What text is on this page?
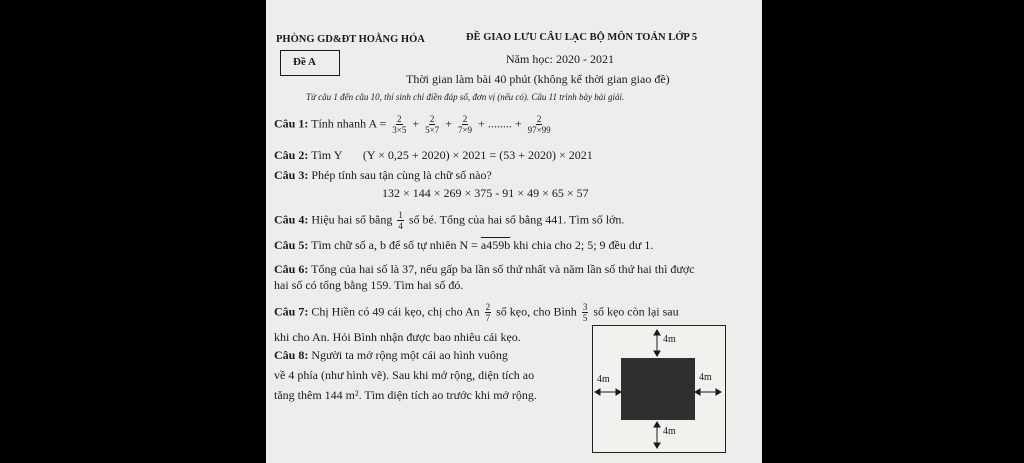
PHÒNG GD&ĐT HOẰNG HÓA	ĐỀ GIAO LƯU CÂU LẠC BỘ MÔN TOÁN LỚP 5
Đề A	Năm học: 2020 - 2021
Thời gian làm bài 40 phút (không kể thời gian giao đề)
Từ câu 1 đến câu 10, thí sinh chỉ điền đáp số, đơn vị (nếu có). Câu 11 trình bày bài giải.
Câu 1: Tính nhanh $A = \frac{2}{3\times 5} + \frac{2}{5\times 7} + \frac{2}{7\times 9}$ + ........ + $\frac{2}{97\times 99}$
Câu 2: Tìm Y       (Y × 0,25 + 2020) × 2021 = (53 + 2020) × 2021
Câu 3: Phép tính sau tận cùng là chữ số nào?
132 × 144 × 269 × 375 - 91 × 49 × 65 × 57
Câu 4: Hiệu hai số bằng $\frac{1}{4}$ số bé. Tổng của hai số bằng 441. Tìm số lớn.
Câu 5: Tìm chữ số a, b để số tự nhiên N = a459b khi chia cho 2; 5; 9 đều dư 1.
Câu 6: Tổng của hai số là 37, nếu gấp ba lần số thứ nhất và năm lần số thứ hai thì được
hai số có tổng bằng 159. Tìm hai số đó.
Câu 7: Chị Hiền có 49 cái kẹo, chị cho An $\frac{2}{7}$ số kẹo, cho Bình $\frac{3}{5}$ số kẹo còn lại sau
khi cho An. Hỏi Bình nhận được bao nhiêu cái kẹo.
Câu 8: Người ta mở rộng một cái ao hình vuông
về 4 phía (như hình vẽ). Sau khi mở rộng, diện tích ao
tăng thêm 144 m². Tìm diện tích ao trước khi mở rộng.
4m
4m	4m
4m
